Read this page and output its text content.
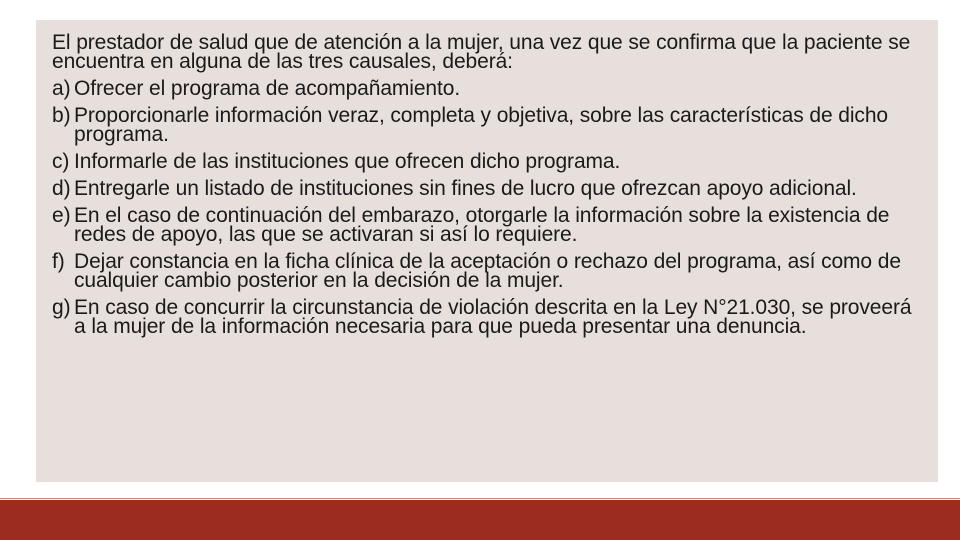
El prestador de salud que de atención a la mujer, una vez que se confirma que la paciente se encuentra en alguna de las tres causales, deberá:

a) Ofrecer el programa de acompañamiento.
b) Proporcionarle información veraz, completa y objetiva, sobre las características de dicho programa.
c) Informarle de las instituciones que ofrecen dicho programa.
d) Entregarle un listado de instituciones sin fines de lucro que ofrezcan apoyo adicional.
e) En el caso de continuación del embarazo, otorgarle la información sobre la existencia de redes de apoyo, las que se activaran si así lo requiere.
f) Dejar constancia en la ficha clínica de la aceptación o rechazo del programa, así como de cualquier cambio posterior en la decisión de la mujer.
g) En caso de concurrir la circunstancia de violación descrita en la Ley N°21.030, se proveerá a la mujer de la información necesaria para que pueda presentar una denuncia.
